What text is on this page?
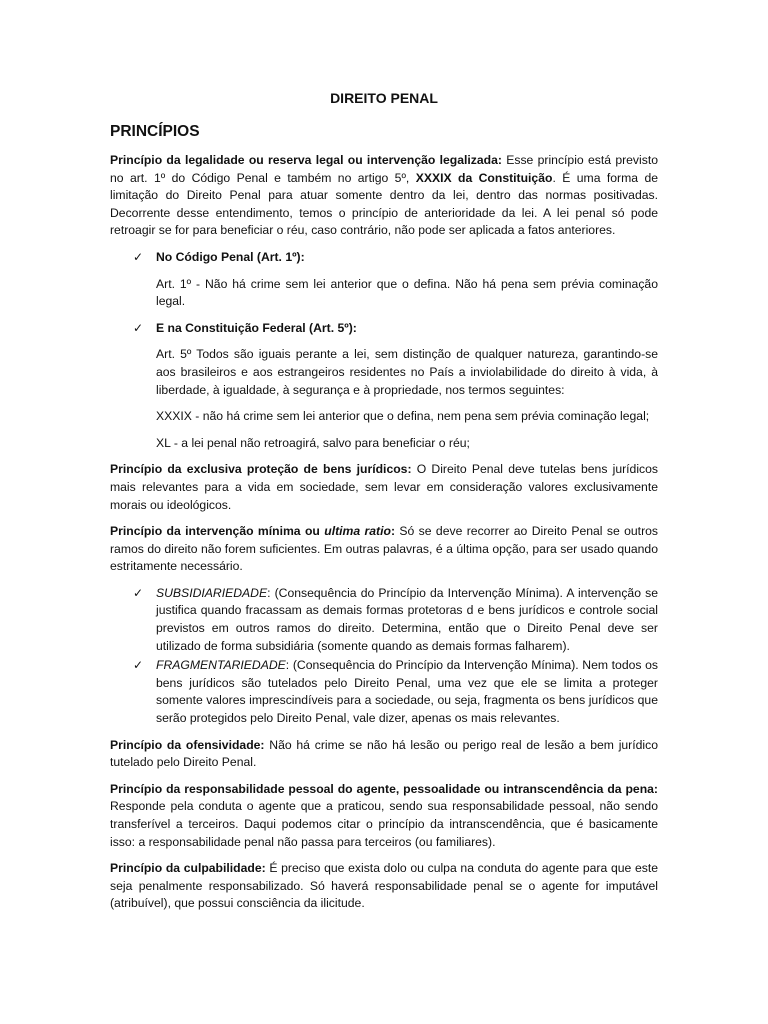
DIREITO PENAL
PRINCÍPIOS

Princípio da legalidade ou reserva legal ou intervenção legalizada: Esse princípio está previsto no art. 1º do Código Penal e também no artigo 5º, XXXIX da Constituição. É uma forma de limitação do Direito Penal para atuar somente dentro da lei, dentro das normas positivadas. Decorrente desse entendimento, temos o princípio de anterioridade da lei. A lei penal só pode retroagir se for para beneficiar o réu, caso contrário, não pode ser aplicada a fatos anteriores.

✓ No Código Penal (Art. 1º):

Art. 1º - Não há crime sem lei anterior que o defina. Não há pena sem prévia cominação legal.

✓ E na Constituição Federal (Art. 5º):

Art. 5º Todos são iguais perante a lei, sem distinção de qualquer natureza, garantindo-se aos brasileiros e aos estrangeiros residentes no País a inviolabilidade do direito à vida, à liberdade, à igualdade, à segurança e à propriedade, nos termos seguintes:

XXXIX - não há crime sem lei anterior que o defina, nem pena sem prévia cominação legal;

XL - a lei penal não retroagirá, salvo para beneficiar o réu;

Princípio da exclusiva proteção de bens jurídicos: O Direito Penal deve tutelas bens jurídicos mais relevantes para a vida em sociedade, sem levar em consideração valores exclusivamente morais ou ideológicos.

Princípio da intervenção mínima ou ultima ratio: Só se deve recorrer ao Direito Penal se outros ramos do direito não forem suficientes. Em outras palavras, é a última opção, para ser usado quando estritamente necessário.

✓ SUBSIDIARIEDADE: (Consequência do Princípio da Intervenção Mínima). A intervenção se justifica quando fracassam as demais formas protetoras d e bens jurídicos e controle social previstos em outros ramos do direito. Determina, então que o Direito Penal deve ser utilizado de forma subsidiária (somente quando as demais formas falharem).
✓ FRAGMENTARIEDADE: (Consequência do Princípio da Intervenção Mínima). Nem todos os bens jurídicos são tutelados pelo Direito Penal, uma vez que ele se limita a proteger somente valores imprescindíveis para a sociedade, ou seja, fragmenta os bens jurídicos que serão protegidos pelo Direito Penal, vale dizer, apenas os mais relevantes.

Princípio da ofensividade: Não há crime se não há lesão ou perigo real de lesão a bem jurídico tutelado pelo Direito Penal.

Princípio da responsabilidade pessoal do agente, pessoalidade ou intranscendência da pena: Responde pela conduta o agente que a praticou, sendo sua responsabilidade pessoal, não sendo transferível a terceiros. Daqui podemos citar o princípio da intranscendência, que é basicamente isso: a responsabilidade penal não passa para terceiros (ou familiares).

Princípio da culpabilidade: É preciso que exista dolo ou culpa na conduta do agente para que este seja penalmente responsabilizado. Só haverá responsabilidade penal se o agente for imputável (atribuível), que possui consciência da ilicitude.
